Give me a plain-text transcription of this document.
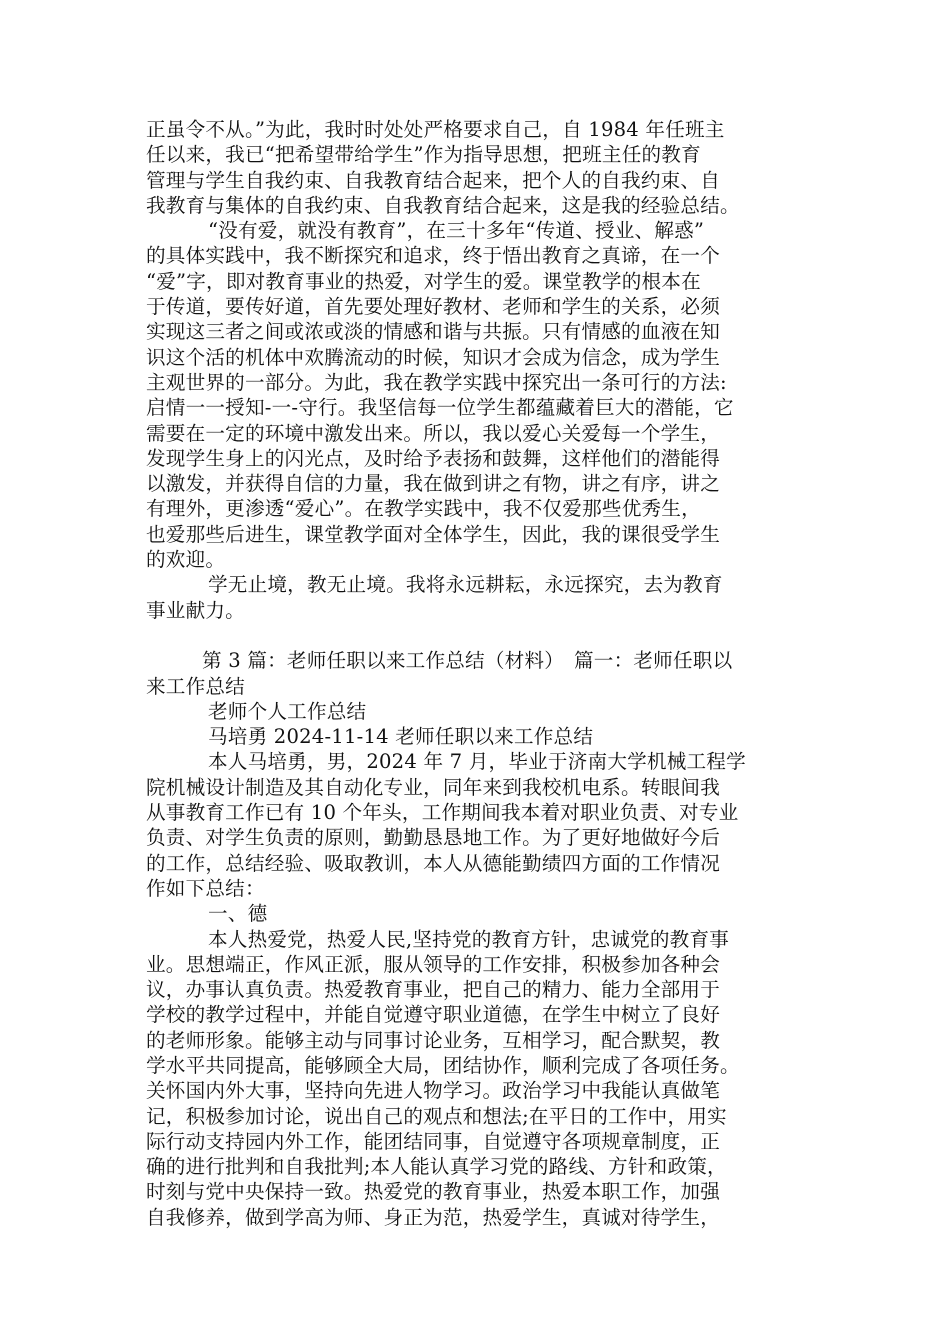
正虽令不从。”为此，我时时处处严格要求自己，自 1984 年任班主
任以来，我已“把希望带给学生”作为指导思想，把班主任的教育
管理与学生自我约束、自我教育结合起来，把个人的自我约束、自
我教育与集体的自我约束、自我教育结合起来，这是我的经验总结。
“没有爱，就没有教育”，在三十多年“传道、授业、解惑”
的具体实践中，我不断探究和追求，终于悟出教育之真谛，在一个
“爱”字，即对教育事业的热爱，对学生的爱。课堂教学的根本在
于传道，要传好道，首先要处理好教材、老师和学生的关系，必须
实现这三者之间或浓或淡的情感和谐与共振。只有情感的血液在知
识这个活的机体中欢腾流动的时候，知识才会成为信念，成为学生
主观世界的一部分。为此，我在教学实践中探究出一条可行的方法:
启情一一授知-一-守行。我坚信每一位学生都蕴藏着巨大的潜能，它
需要在一定的环境中激发出来。所以，我以爱心关爱每一个学生，
发现学生身上的闪光点，及时给予表扬和鼓舞，这样他们的潜能得
以激发，并获得自信的力量，我在做到讲之有物，讲之有序，讲之
有理外，更渗透“爱心”。在教学实践中，我不仅爱那些优秀生，
也爱那些后进生，课堂教学面对全体学生，因此，我的课很受学生
的欢迎。
学无止境，教无止境。我将永远耕耘，永远探究，去为教育
事业献力。
第 3 篇：老师任职以来工作总结（材料）　篇一：老师任职以
来工作总结
老师个人工作总结
马培勇 2024-11-14 老师任职以来工作总结
本人马培勇，男，2024 年 7 月，毕业于济南大学机械工程学
院机械设计制造及其自动化专业，同年来到我校机电系。转眼间我
从事教育工作已有 10 个年头，工作期间我本着对职业负责、对专业
负责、对学生负责的原则，勤勤恳恳地工作。为了更好地做好今后
的工作，总结经验、吸取教训，本人从德能勤绩四方面的工作情况
作如下总结：
一、德
本人热爱党，热爱人民,坚持党的教育方针，忠诚党的教育事
业。思想端正，作风正派，服从领导的工作安排，积极参加各种会
议，办事认真负责。热爱教育事业，把自己的精力、能力全部用于
学校的教学过程中，并能自觉遵守职业道德，在学生中树立了良好
的老师形象。能够主动与同事讨论业务，互相学习，配合默契，教
学水平共同提高，能够顾全大局，团结协作，顺利完成了各项任务。
关怀国内外大事，坚持向先进人物学习。政治学习中我能认真做笔
记，积极参加讨论，说出自己的观点和想法;在平日的工作中，用实
际行动支持园内外工作，能团结同事，自觉遵守各项规章制度，正
确的进行批判和自我批判;本人能认真学习党的路线、方针和政策，
时刻与党中央保持一致。热爱党的教育事业，热爱本职工作，加强
自我修养，做到学高为师、身正为范，热爱学生，真诚对待学生，
